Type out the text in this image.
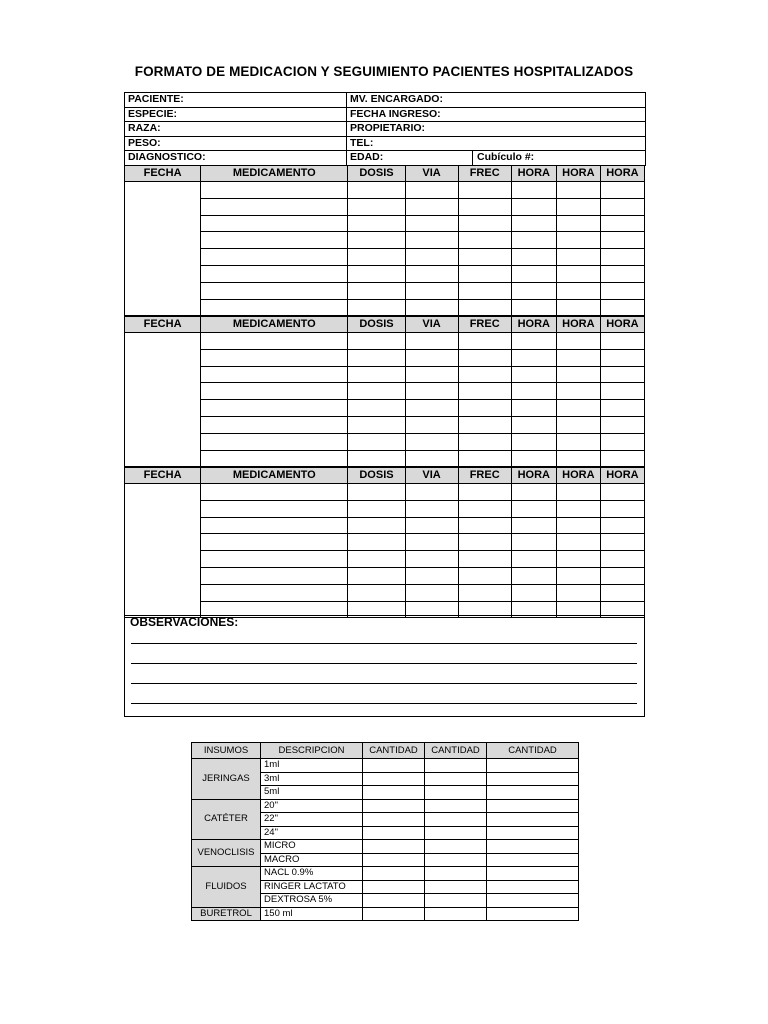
FORMATO DE MEDICACION Y SEGUIMIENTO PACIENTES HOSPITALIZADOS
PACIENTE:	MV. ENCARGADO:	
ESPECIE:	FECHA INGRESO:	
RAZA:	PROPIETARIO:	
PESO:	TEL:	
DIAGNOSTICO:	EDAD:	Cubículo #:
FECHA	MEDICAMENTO	DOSIS	VIA	FREC	HORA	HORA	HORA

FECHA	MEDICAMENTO	DOSIS	VIA	FREC	HORA	HORA	HORA

FECHA	MEDICAMENTO	DOSIS	VIA	FREC	HORA	HORA	HORA

OBSERVACIONES:
INSUMOS	DESCRIPCION	CANTIDAD	CANTIDAD	CANTIDAD
JERINGAS	1ml			
	3ml			
	5ml			
CATÉTER	20"			
	22"			
	24"			
VENOCLISIS	MICRO			
	MACRO			
FLUIDOS	NACL 0.9%			
	RINGER LACTATO			
	DEXTROSA 5%			
BURETROL	150 ml			
